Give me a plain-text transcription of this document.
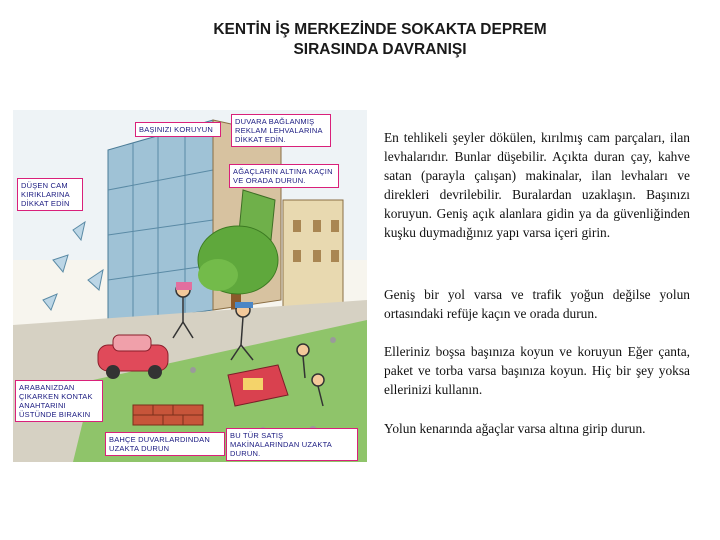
KENTİN İŞ MERKEZİNDE SOKAKTA DEPREM
SIRASINDA DAVRANIŞI
BAŞINIZI KORUYUN
DUVARA BAĞLANMIŞ REKLAM LEHVALARINA DİKKAT EDİN.
DÜŞEN CAM KIRIKLARINA DİKKAT EDİN
AĞAÇLARIN ALTINA KAÇIN VE ORADA DURUN.
ARABANIZDAN ÇIKARKEN KONTAK ANAHTARINI ÜSTÜNDE BIRAKIN
BAHÇE DUVARLARDINDAN UZAKTA DURUN
BU TÜR SATIŞ MAKİNALARINDAN UZAKTA DURUN.
En tehlikeli şeyler dökülen, kırılmış cam parçaları, ilan levhalarıdır. Bunlar düşebilir. Açıkta duran çay, kahve satan (parayla çalışan) makinalar, ilan levhaları ve direkleri devrilebilir. Buralardan uzaklaşın. Başınızı koruyun. Geniş açık alanlara gidin ya da güvenliğinden kuşku duymadığınız yapı varsa içeri girin.
Geniş bir yol varsa ve trafik yoğun değilse yolun ortasındaki refüje kaçın ve orada durun.
Elleriniz boşsa başınıza koyun ve koruyun Eğer çanta, paket ve torba varsa başınıza koyun. Hiç bir şey yoksa ellerinizi kullanın.
Yolun kenarında ağaçlar varsa altına girip durun.
